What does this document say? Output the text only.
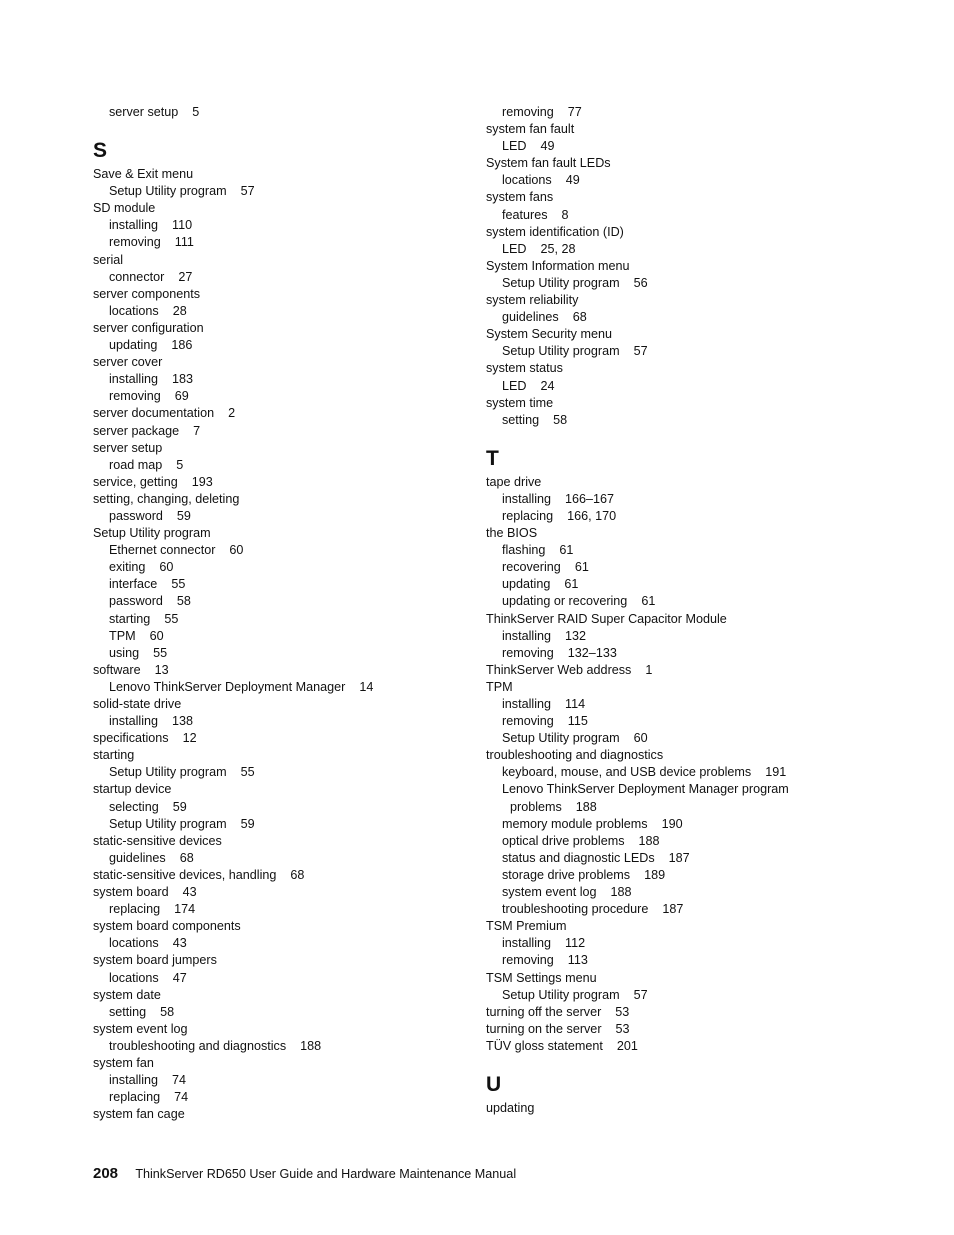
server setup 5
S
Save & Exit menu
Setup Utility program 57
SD module
installing 110
removing 111
serial
connector 27
server components
locations 28
server configuration
updating 186
server cover
installing 183
removing 69
server documentation 2
server package 7
server setup
road map 5
service, getting 193
setting, changing, deleting
password 59
Setup Utility program
Ethernet connector 60
exiting 60
interface 55
password 58
starting 55
TPM 60
using 55
software 13
Lenovo ThinkServer Deployment Manager 14
solid-state drive
installing 138
specifications 12
starting
Setup Utility program 55
startup device
selecting 59
Setup Utility program 59
static-sensitive devices
guidelines 68
static-sensitive devices, handling 68
system board 43
replacing 174
system board components
locations 43
system board jumpers
locations 47
system date
setting 58
system event log
troubleshooting and diagnostics 188
system fan
installing 74
replacing 74
system fan cage
removing 77
system fan fault
LED 49
System fan fault LEDs
locations 49
system fans
features 8
system identification (ID)
LED 25, 28
System Information menu
Setup Utility program 56
system reliability
guidelines 68
System Security menu
Setup Utility program 57
system status
LED 24
system time
setting 58
T
tape drive
installing 166–167
replacing 166, 170
the BIOS
flashing 61
recovering 61
updating 61
updating or recovering 61
ThinkServer RAID Super Capacitor Module
installing 132
removing 132–133
ThinkServer Web address 1
TPM
installing 114
removing 115
Setup Utility program 60
troubleshooting and diagnostics
keyboard, mouse, and USB device problems 191
Lenovo ThinkServer Deployment Manager program
problems 188
memory module problems 190
optical drive problems 188
status and diagnostic LEDs 187
storage drive problems 189
system event log 188
troubleshooting procedure 187
TSM Premium
installing 112
removing 113
TSM Settings menu
Setup Utility program 57
turning off the server 53
turning on the server 53
TÜV gloss statement 201
U
updating
208 ThinkServer RD650 User Guide and Hardware Maintenance Manual
